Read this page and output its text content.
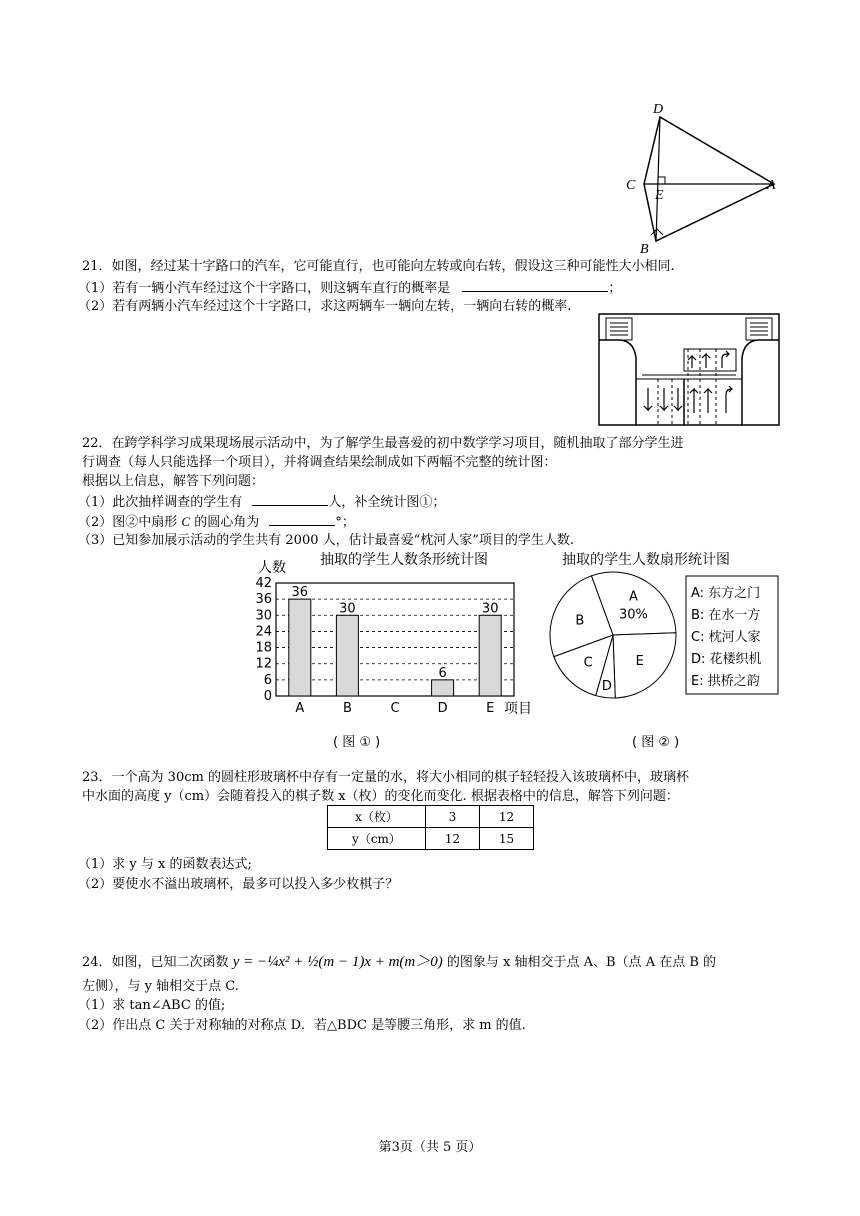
D
C
E
A
B
21．如图，经过某十字路口的汽车，它可能直行，也可能向左转或向右转，假设这三种可能性大小相同.
（1）若有一辆小汽车经过这个十字路口，则这辆车直行的概率是	；
（2）若有两辆小汽车经过这个十字路口，求这两辆车一辆向左转，一辆向右转的概率.
22．在跨学科学习成果现场展示活动中，为了解学生最喜爱的初中数学学习项目，随机抽取了部分学生进
行调查（每人只能选择一个项目），并将调查结果绘制成如下两幅不完整的统计图：
根据以上信息，解答下列问题：
（1）此次抽样调查的学生有	人，补全统计图①；
（2）图②中扇形 C 的圆心角为	°；
（3）已知参加展示活动的学生共有 2000 人，估计最喜爱“枕河人家”项目的学生人数.
抽取的学生人数条形统计图
人数
项目
0
6
12
18
24
30
36
42
36
A
30
B	C
6
D
30
E
( 图 ① )
抽取的学生人数扇形统计图
A
30%
E
D
C
B
A: 东方之门
B: 在水一方
C: 枕河人家
D: 花楼织机
E: 拱桥之韵
( 图 ② )
23．一个高为 30cm 的圆柱形玻璃杯中存有一定量的水，将大小相同的棋子轻轻投入该玻璃杯中，玻璃杯
中水面的高度 y（cm）会随着投入的棋子数 x（枚）的变化而变化. 根据表格中的信息，解答下列问题：
x（枚）	3	12
y（cm）	12	15
（1）求 y 与 x 的函数表达式;
（2）要使水不溢出玻璃杯，最多可以投入多少枚棋子？
24．如图，已知二次函数 y = −¼x² + ½(m − 1)x + m(m＞0) 的图象与 x 轴相交于点 A、B（点 A 在点 B 的
左侧），与 y 轴相交于点 C.
（1）求 tan∠ABC 的值;
（2）作出点 C 关于对称轴的对称点 D．若△BDC 是等腰三角形，求 m 的值.
第3页（共 5 页）
